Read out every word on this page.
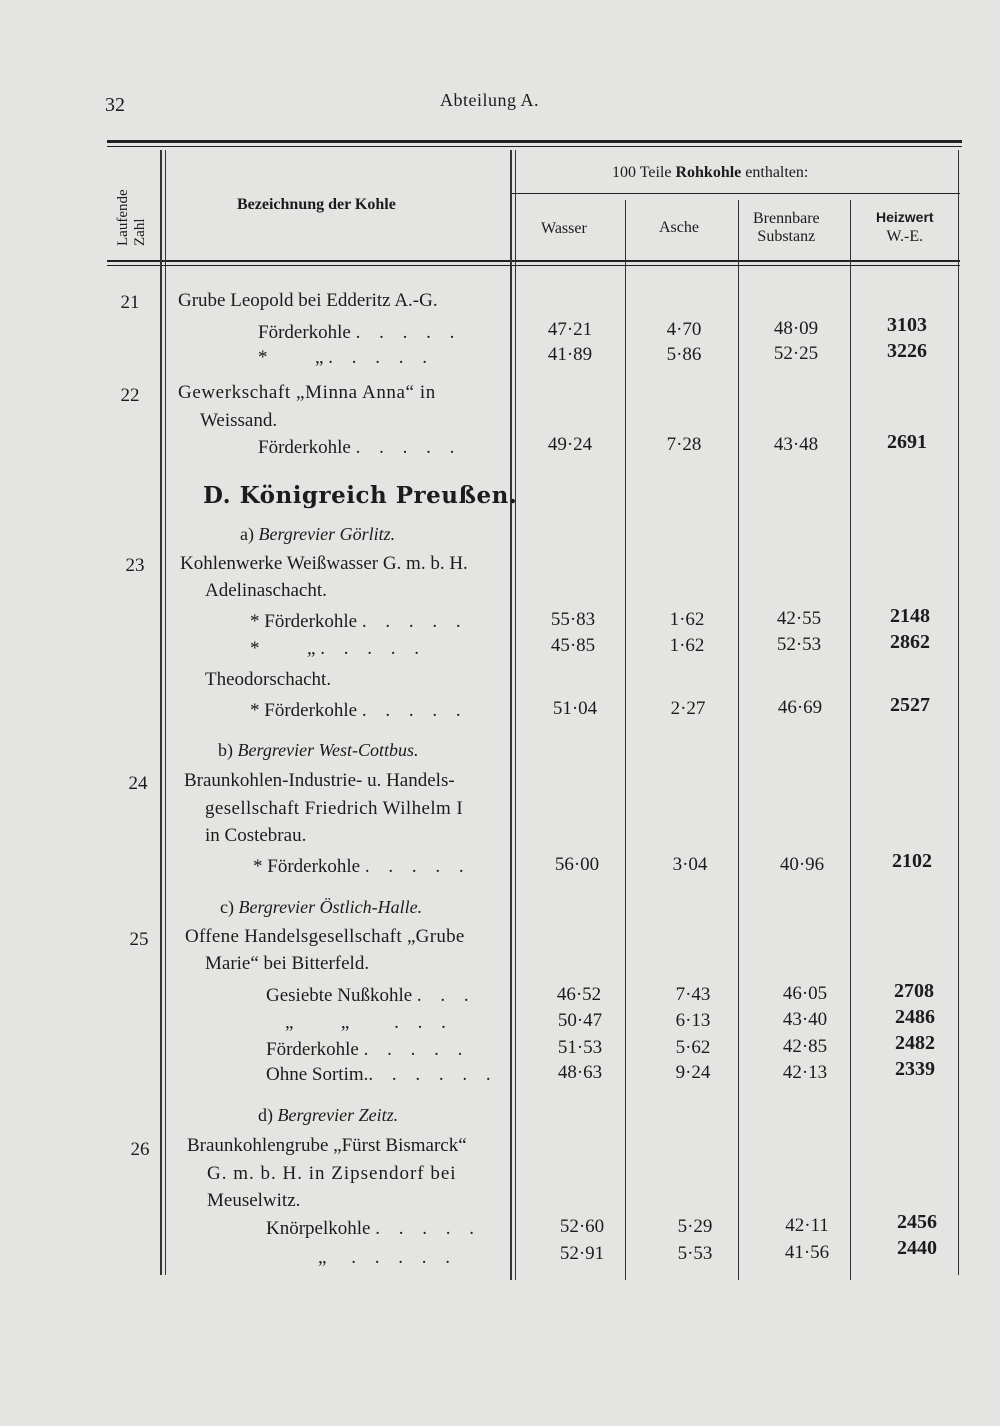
32	Abteilung A.
Laufende Zahl
Bezeichnung der Kohle
100 Teile Rohkohle enthalten:
Wasser	Asche
Brennbare
Substanz
Heizwert
W.-E.
21	Grube Leopold bei Edderitz A.-G.
Förderkohle . . . . .	47·21	4·70	48·09	3103
*          „ . . . . .	41·89	5·86	52·25	3226
22	Gewerkschaft „Minna Anna“ in
Weissand.
Förderkohle . . . . .	49·24	7·28	43·48	2691
D. Königreich Preußen.
a) Bergrevier Görlitz.
23	Kohlenwerke Weißwasser G. m. b. H.
Adelinaschacht.
* Förderkohle . . . . .	55·83	1·62	42·55	2148
*          „ . . . . .	45·85	1·62	52·53	2862
Theodorschacht.
* Förderkohle . . . . .	51·04	2·27	46·69	2527
b) Bergrevier West-Cottbus.
24	Braunkohlen-Industrie- u. Handels-
gesellschaft Friedrich Wilhelm I
in Costebrau.
* Förderkohle . . . . .	56·00	3·04	40·96	2102
c) Bergrevier Östlich-Halle.
25	Offene Handelsgesellschaft „Grube
Marie“ bei Bitterfeld.
Gesiebte Nußkohle . . .	46·52	7·43	46·05	2708
„          „ . . .	50·47	6·13	43·40	2486
Förderkohle . . . . .	51·53	5·62	42·85	2482
Ohne Sortim.. . . . . .	48·63	9·24	42·13	2339
d) Bergrevier Zeitz.
26	Braunkohlengrube „Fürst Bismarck“
G. m. b. H. in Zipsendorf bei
Meuselwitz.
Knörpelkohle . . . . .	52·60	5·29	42·11	2456
„ . . . . .	52·91	5·53	41·56	2440
